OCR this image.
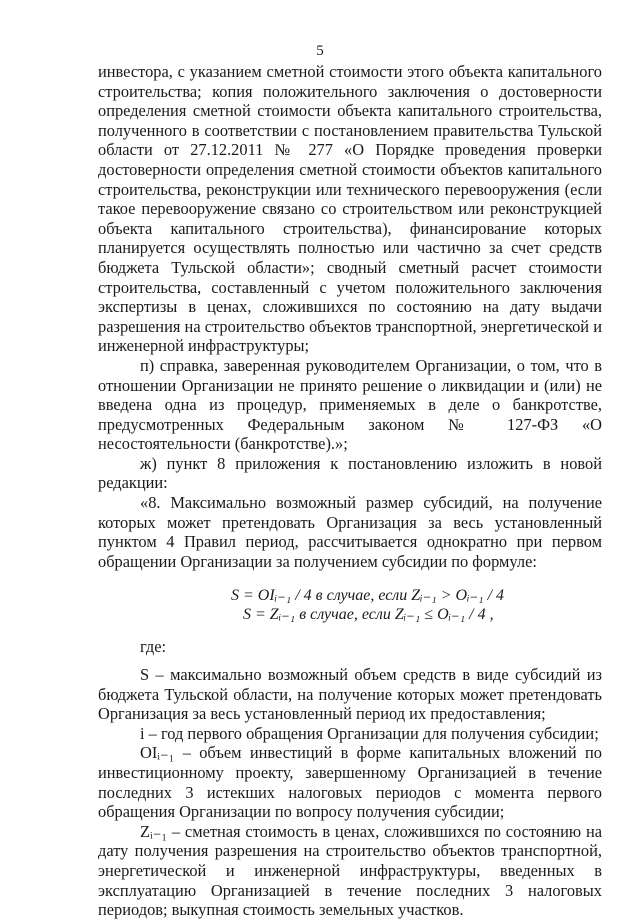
5

инвестора, с указанием сметной стоимости этого объекта капитального строительства; копия положительного заключения о достоверности определения сметной стоимости объекта капитального строительства, полученного в соответствии с постановлением правительства Тульской области от 27.12.2011 № 277 «О Порядке проведения проверки достоверности определения сметной стоимости объектов капитального строительства, реконструкции или технического перевооружения (если такое перевооружение связано со строительством или реконструкцией объекта капитального строительства), финансирование которых планируется осуществлять полностью или частично за счет средств бюджета Тульской области»; сводный сметный расчет стоимости строительства, составленный с учетом положительного заключения экспертизы в ценах, сложившихся по состоянию на дату выдачи разрешения на строительство объектов транспортной, энергетической и инженерной инфраструктуры;

п) справка, заверенная руководителем Организации, о том, что в отношении Организации не принято решение о ликвидации и (или) не введена одна из процедур, применяемых в деле о банкротстве, предусмотренных Федеральным законом № 127-ФЗ «О несостоятельности (банкротстве).»;

ж) пункт 8 приложения к постановлению изложить в новой редакции:

«8. Максимально возможный размер субсидий, на получение которых может претендовать Организация за весь установленный пунктом 4 Правил период, рассчитывается однократно при первом обращении Организации за получением субсидии по формуле:

S = OIᵢ₋₁ / 4 в случае, если Zᵢ₋₁ > Oᵢ₋₁ / 4
S = Zᵢ₋₁ в случае, если Zᵢ₋₁ ≤ Oᵢ₋₁ / 4 ,

где:

S – максимально возможный объем средств в виде субсидий из бюджета Тульской области, на получение которых может претендовать Организация за весь установленный период их предоставления;

i – год первого обращения Организации для получения субсидии;

OIᵢ₋₁ – объем инвестиций в форме капитальных вложений по инвестиционному проекту, завершенному Организацией в течение последних 3 истекших налоговых периодов с момента первого обращения Организации по вопросу получения субсидии;

Zᵢ₋₁ – сметная стоимость в ценах, сложившихся по состоянию на дату получения разрешения на строительство объектов транспортной, энергетической и инженерной инфраструктуры, введенных в эксплуатацию Организацией в течение последних 3 налоговых периодов; выкупная стоимость земельных участков.
